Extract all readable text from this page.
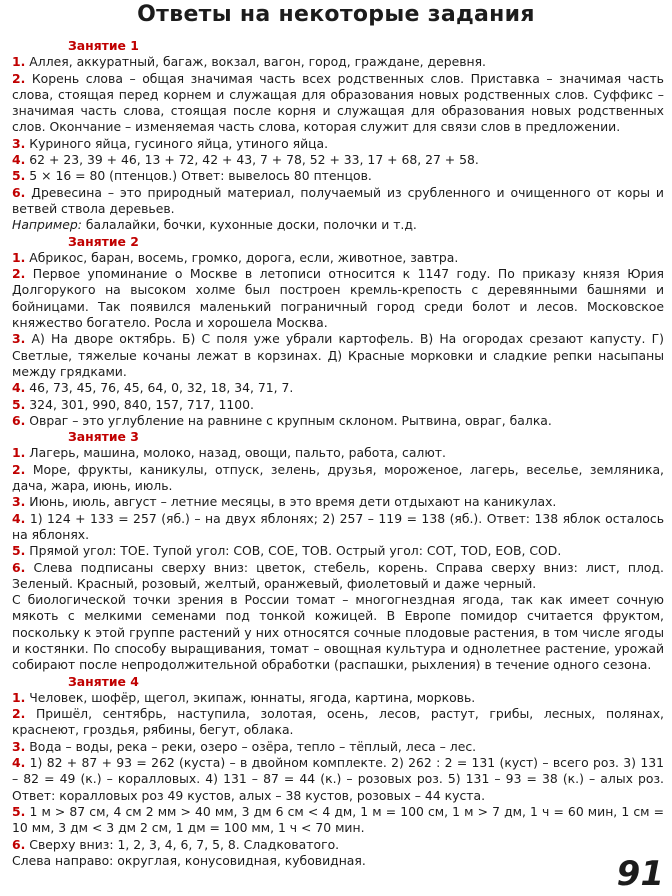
Ответы на некоторые задания

Занятие 1

1. Аллея, аккуратный, багаж, вокзал, вагон, город, граждане, деревня.

2. Корень слова – общая значимая часть всех родственных слов. Приставка – значимая часть слова, стоящая перед корнем и служащая для образования новых родственных слов. Суффикс – значимая часть слова, стоящая после корня и служащая для образования новых родственных слов. Окончание – изменяемая часть слова, которая служит для связи слов в предложении.

3. Куриного яйца, гусиного яйца, утиного яйца.

4. 62 + 23, 39 + 46, 13 + 72, 42 + 43, 7 + 78, 52 + 33, 17 + 68, 27 + 58.

5. 5 × 16 = 80 (птенцов.) Ответ: вывелось 80 птенцов.

6. Древесина – это природный материал, получаемый из срубленного и очищенного от коры и ветвей ствола деревьев.

Например: балалайки, бочки, кухонные доски, полочки и т.д.

Занятие 2

1. Абрикос, баран, восемь, громко, дорога, если, животное, завтра.

2. Первое упоминание о Москве в летописи относится к 1147 году. По приказу князя Юрия Долгорукого на высоком холме был построен кремль-крепость с деревянными башнями и бойницами. Так появился маленький пограничный город среди болот и лесов. Московское княжество богатело. Росла и хорошела Москва.

3. А) На дворе октябрь. Б) С поля уже убрали картофель. В) На огородах срезают капусту. Г) Светлые, тяжелые кочаны лежат в корзинах. Д) Красные морковки и сладкие репки насыпаны между грядками.

4. 46, 73, 45, 76, 45, 64, 0, 32, 18, 34, 71, 7.

5. 324, 301, 990, 840, 157, 717, 1100.

6. Овраг – это углубление на равнине с крупным склоном. Рытвина, овраг, балка.

Занятие 3

1. Лагерь, машина, молоко, назад, овощи, пальто, работа, салют.

2. Море, фрукты, каникулы, отпуск, зелень, друзья, мороженое, лагерь, веселье, земляника, дача, жара, июнь, июль.

3. Июнь, июль, август – летние месяцы, в это время дети отдыхают на каникулах.

4. 1) 124 + 133 = 257 (яб.) – на двух яблонях; 2) 257 – 119 = 138 (яб.). Ответ: 138 яблок осталось на яблонях.

5. Прямой угол: TOE. Тупой угол: COB, COE, TOB. Острый угол: COT, TOD, EOB, COD.

6. Слева подписаны сверху вниз: цветок, стебель, корень. Справа сверху вниз: лист, плод. Зеленый. Красный, розовый, желтый, оранжевый, фиолетовый и даже черный.

С биологической точки зрения в России томат – многогнездная ягода, так как имеет сочную мякоть с мелкими семенами под тонкой кожицей. В Европе помидор считается фруктом, поскольку к этой группе растений у них относятся сочные плодовые растения, в том числе ягоды и костянки. По способу выращивания, томат – овощная культура и однолетнее растение, урожай собирают после непродолжительной обработки (распашки, рыхления) в течение одного сезона.

Занятие 4

1. Человек, шофёр, щегол, экипаж, юннаты, ягода, картина, морковь.

2. Пришёл, сентябрь, наступила, золотая, осень, лесов, растут, грибы, лесных, полянах, краснеют, гроздья, рябины, бегут, облака.

3. Вода – воды, река – реки, озеро – озёра, тепло – тёплый, леса – лес.

4. 1) 82 + 87 + 93 = 262 (куста) – в двойном комплекте. 2) 262 : 2 = 131 (куст) – всего роз. 3) 131 – 82 = 49 (к.) – коралловых. 4) 131 – 87 = 44 (к.) – розовых роз. 5) 131 – 93 = 38 (к.) – алых роз. Ответ: коралловых роз 49 кустов, алых – 38 кустов, розовых – 44 куста.

5. 1 м > 87 см, 4 см 2 мм > 40 мм, 3 дм 6 см < 4 дм, 1 м = 100 см, 1 м > 7 дм, 1 ч = 60 мин, 1 см = 10 мм, 3 дм < 3 дм 2 см, 1 дм = 100 мм, 1 ч < 70 мин.

6. Сверху вниз: 1, 2, 3, 4, 6, 7, 5, 8. Сладковатого.

Слева направо: округлая, конусовидная, кубовидная.	91
